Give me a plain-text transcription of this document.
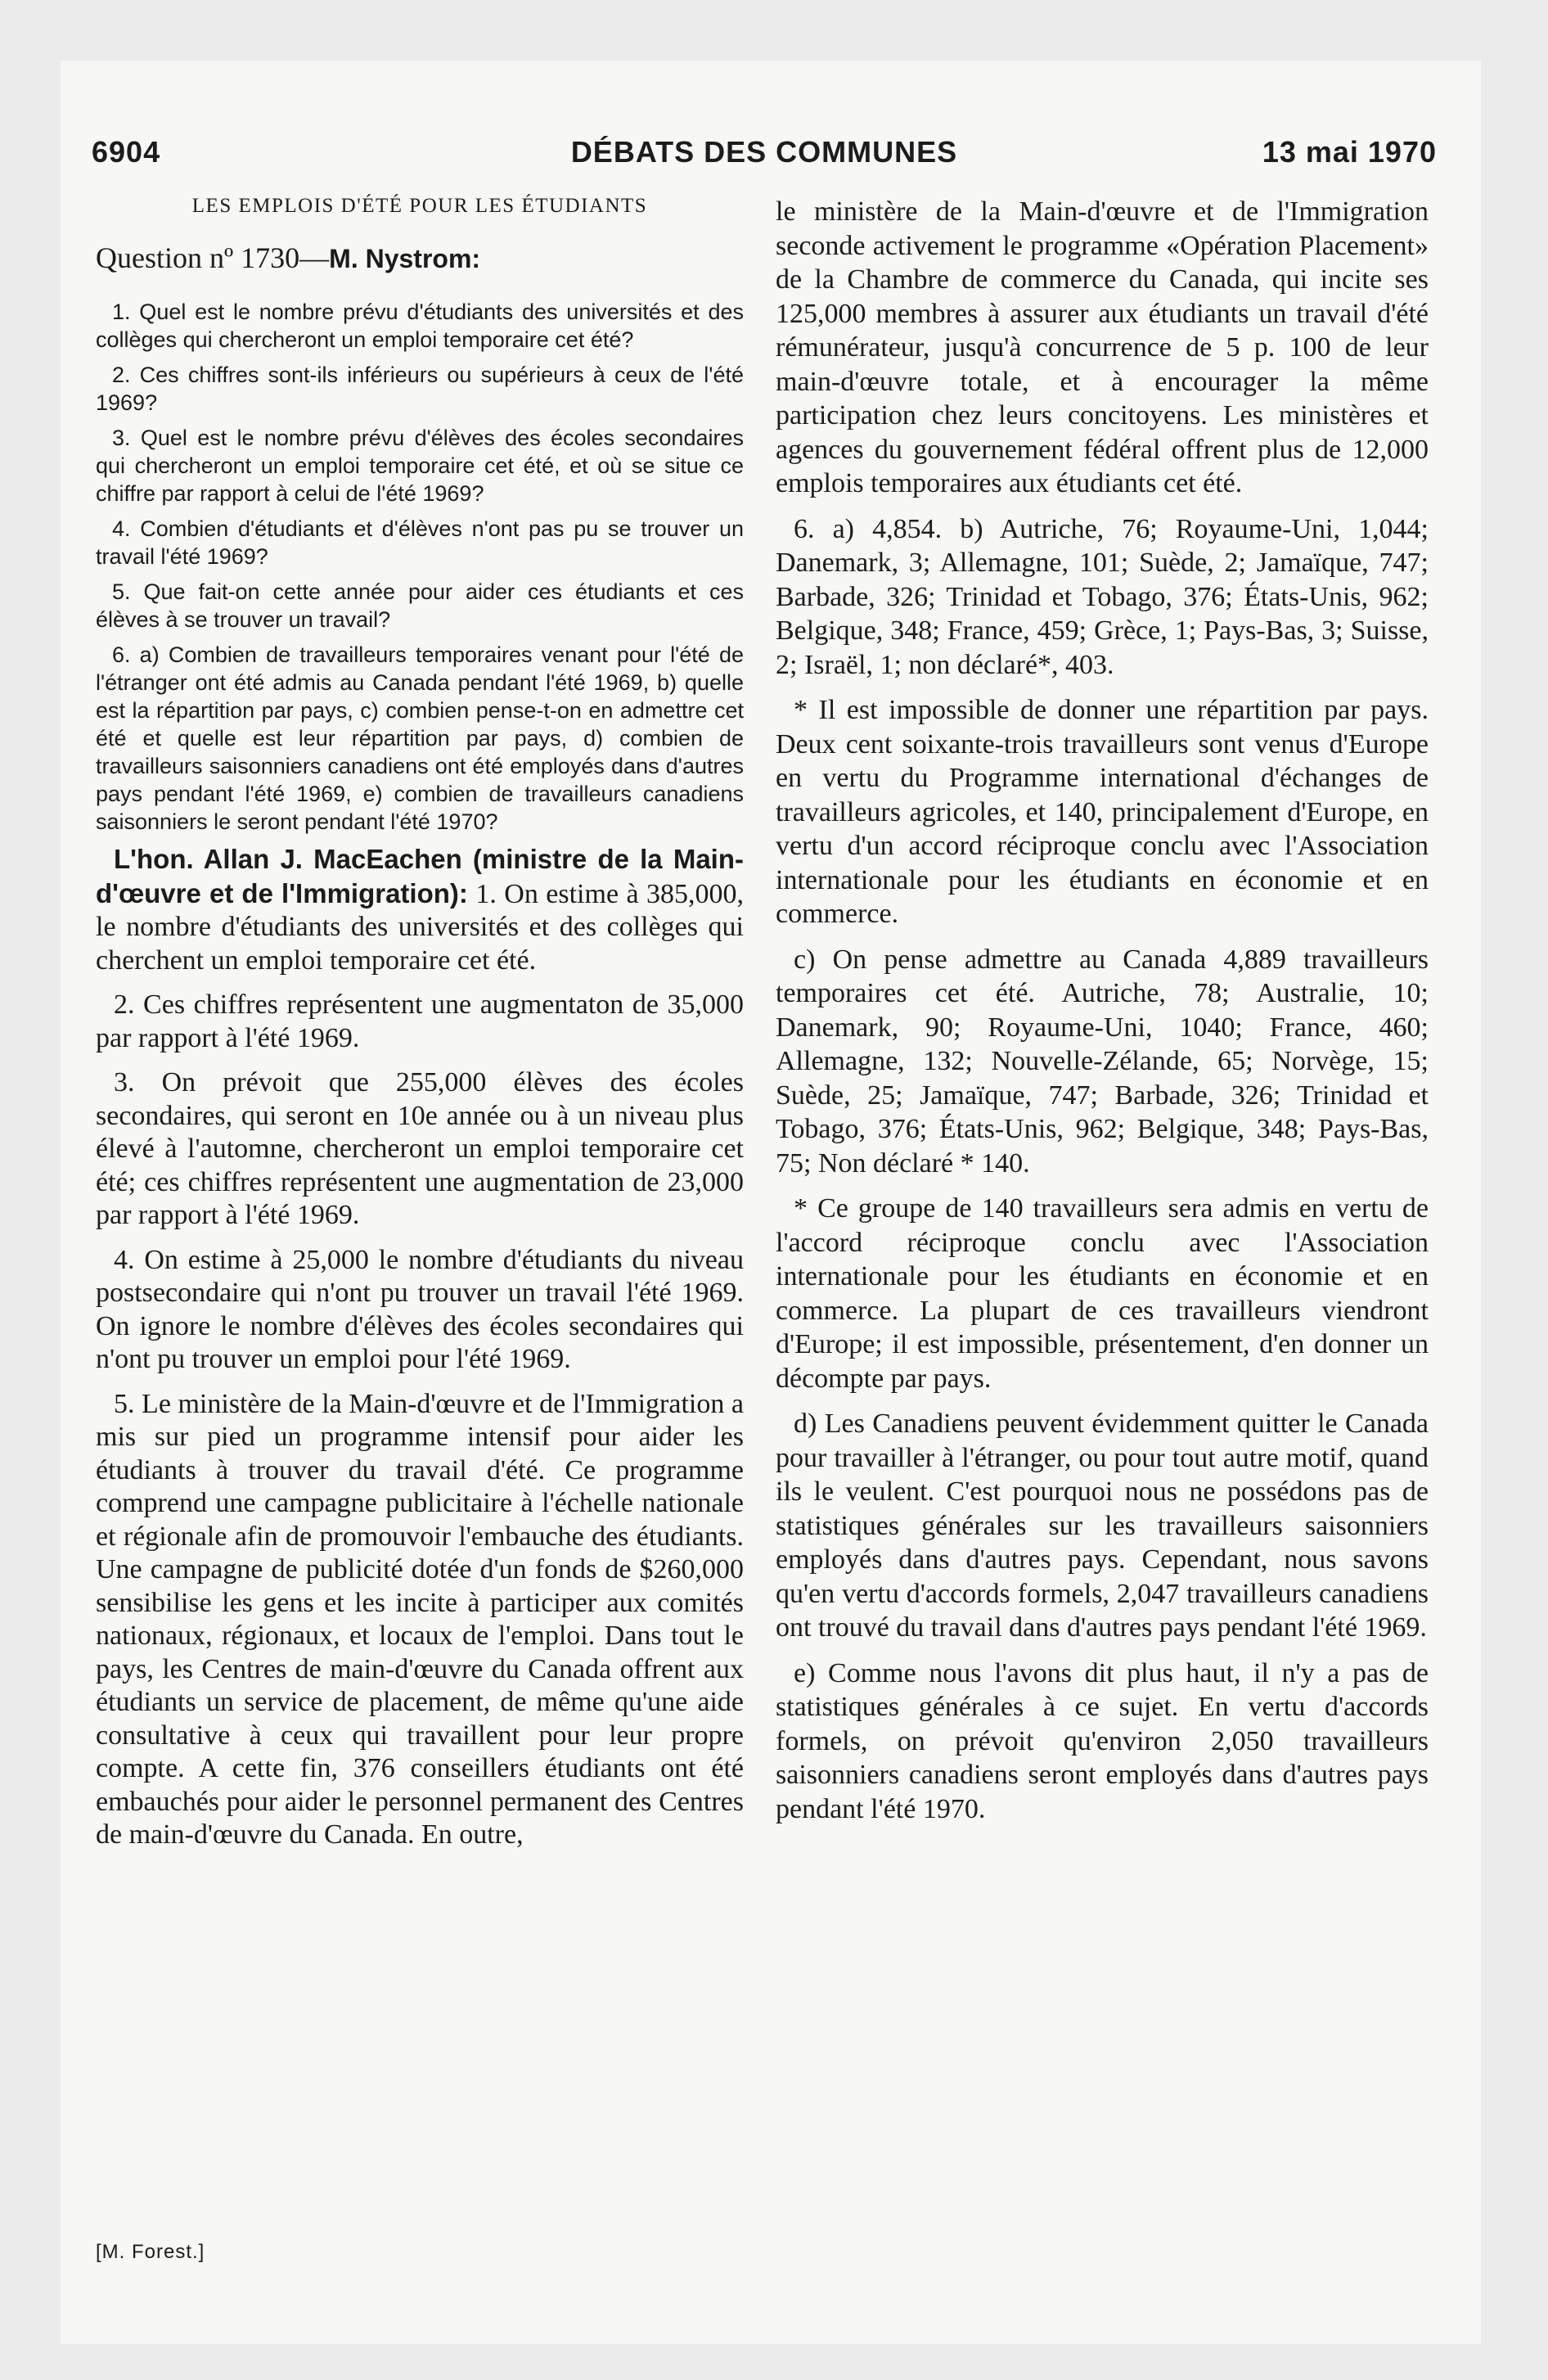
6904	DÉBATS DES COMMUNES	13 mai 1970
LES EMPLOIS D'ÉTÉ POUR LES ÉTUDIANTS
Question nº 1730—M. Nystrom:

1. Quel est le nombre prévu d'étudiants des universités et des collèges qui chercheront un emploi temporaire cet été?

2. Ces chiffres sont-ils inférieurs ou supérieurs à ceux de l'été 1969?

3. Quel est le nombre prévu d'élèves des écoles secondaires qui chercheront un emploi temporaire cet été, et où se situe ce chiffre par rapport à celui de l'été 1969?

4. Combien d'étudiants et d'élèves n'ont pas pu se trouver un travail l'été 1969?

5. Que fait-on cette année pour aider ces étudiants et ces élèves à se trouver un travail?

6. a) Combien de travailleurs temporaires venant pour l'été de l'étranger ont été admis au Canada pendant l'été 1969, b) quelle est la répartition par pays, c) combien pense-t-on en admettre cet été et quelle est leur répartition par pays, d) combien de travailleurs saisonniers canadiens ont été employés dans d'autres pays pendant l'été 1969, e) combien de travailleurs canadiens saisonniers le seront pendant l'été 1970?

L'hon. Allan J. MacEachen (ministre de la Main-d'œuvre et de l'Immigration): 1. On estime à 385,000, le nombre d'étudiants des universités et des collèges qui cherchent un emploi temporaire cet été.

2. Ces chiffres représentent une augmentaton de 35,000 par rapport à l'été 1969.

3. On prévoit que 255,000 élèves des écoles secondaires, qui seront en 10e année ou à un niveau plus élevé à l'automne, chercheront un emploi temporaire cet été; ces chiffres représentent une augmentation de 23,000 par rapport à l'été 1969.

4. On estime à 25,000 le nombre d'étudiants du niveau postsecondaire qui n'ont pu trouver un travail l'été 1969. On ignore le nombre d'élèves des écoles secondaires qui n'ont pu trouver un emploi pour l'été 1969.

5. Le ministère de la Main-d'œuvre et de l'Immigration a mis sur pied un programme intensif pour aider les étudiants à trouver du travail d'été. Ce programme comprend une campagne publicitaire à l'échelle nationale et régionale afin de promouvoir l'embauche des étudiants. Une campagne de publicité dotée d'un fonds de $260,000 sensibilise les gens et les incite à participer aux comités nationaux, régionaux, et locaux de l'emploi. Dans tout le pays, les Centres de main-d'œuvre du Canada offrent aux étudiants un service de placement, de même qu'une aide consultative à ceux qui travaillent pour leur propre compte. A cette fin, 376 conseillers étudiants ont été embauchés pour aider le personnel permanent des Centres de main-d'œuvre du Canada. En outre,

le ministère de la Main-d'œuvre et de l'Immigration seconde activement le programme «Opération Placement» de la Chambre de commerce du Canada, qui incite ses 125,000 membres à assurer aux étudiants un travail d'été rémunérateur, jusqu'à concurrence de 5 p. 100 de leur main-d'œuvre totale, et à encourager la même participation chez leurs concitoyens. Les ministères et agences du gouvernement fédéral offrent plus de 12,000 emplois temporaires aux étudiants cet été.

6. a) 4,854. b) Autriche, 76; Royaume-Uni, 1,044; Danemark, 3; Allemagne, 101; Suède, 2; Jamaïque, 747; Barbade, 326; Trinidad et Tobago, 376; États-Unis, 962; Belgique, 348; France, 459; Grèce, 1; Pays-Bas, 3; Suisse, 2; Israël, 1; non déclaré*, 403.

* Il est impossible de donner une répartition par pays. Deux cent soixante-trois travailleurs sont venus d'Europe en vertu du Programme international d'échanges de travailleurs agricoles, et 140, principalement d'Europe, en vertu d'un accord réciproque conclu avec l'Association internationale pour les étudiants en économie et en commerce.

c) On pense admettre au Canada 4,889 travailleurs temporaires cet été. Autriche, 78; Australie, 10; Danemark, 90; Royaume-Uni, 1040; France, 460; Allemagne, 132; Nouvelle-Zélande, 65; Norvège, 15; Suède, 25; Jamaïque, 747; Barbade, 326; Trinidad et Tobago, 376; États-Unis, 962; Belgique, 348; Pays-Bas, 75; Non déclaré * 140.

* Ce groupe de 140 travailleurs sera admis en vertu de l'accord réciproque conclu avec l'Association internationale pour les étudiants en économie et en commerce. La plupart de ces travailleurs viendront d'Europe; il est impossible, présentement, d'en donner un décompte par pays.

d) Les Canadiens peuvent évidemment quitter le Canada pour travailler à l'étranger, ou pour tout autre motif, quand ils le veulent. C'est pourquoi nous ne possédons pas de statistiques générales sur les travailleurs saisonniers employés dans d'autres pays. Cependant, nous savons qu'en vertu d'accords formels, 2,047 travailleurs canadiens ont trouvé du travail dans d'autres pays pendant l'été 1969.

e) Comme nous l'avons dit plus haut, il n'y a pas de statistiques générales à ce sujet. En vertu d'accords formels, on prévoit qu'environ 2,050 travailleurs saisonniers canadiens seront employés dans d'autres pays pendant l'été 1970.

[M. Forest.]
